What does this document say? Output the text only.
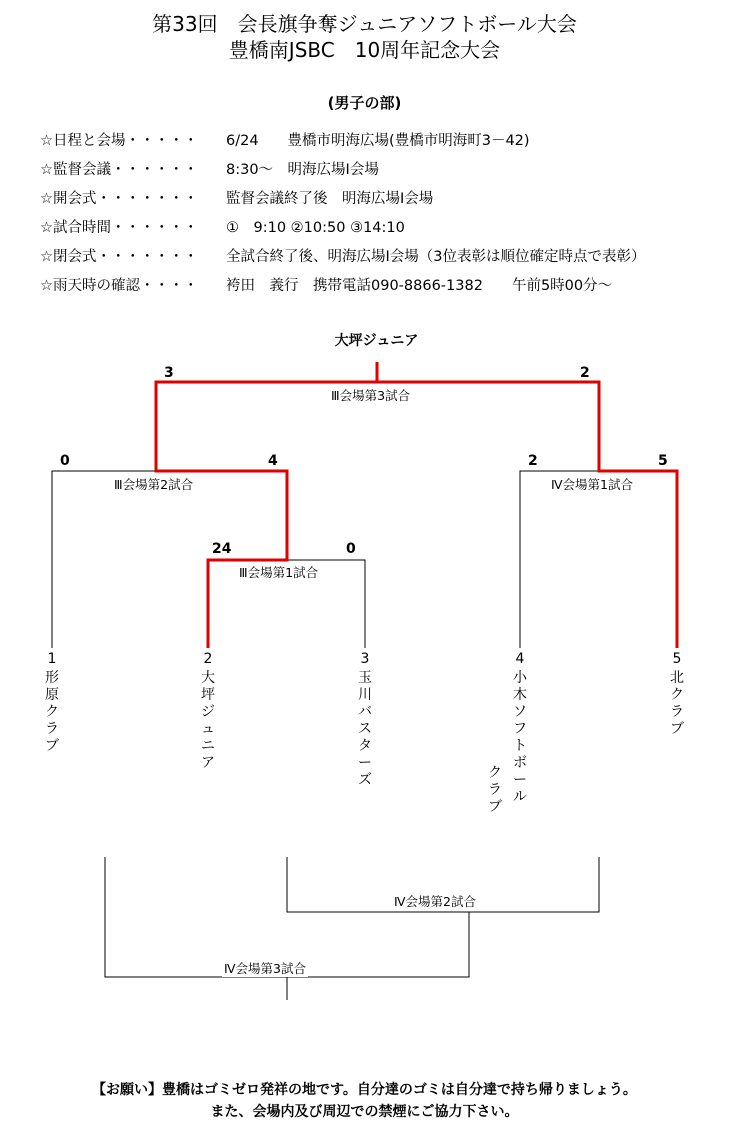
第33回　会長旗争奪ジュニアソフトボール大会
豊橋南JSBC　10周年記念大会
(男子の部)
☆日程と会場・・・・・ 6/24　　豊橋市明海広場(豊橋市明海町3－42)
☆監督会議・・・・・・ 8:30～　明海広場Ⅰ会場
☆開会式・・・・・・・ 監督会議終了後　明海広場Ⅰ会場
☆試合時間・・・・・・ ①　9:10 ②10:50 ③14:10
☆閉会式・・・・・・・ 全試合終了後、明海広場Ⅰ会場（3位表彰は順位確定時点で表彰）
☆雨天時の確認・・・・ 袴田　義行　携帯電話090-8866-1382　　午前5時00分～
大坪ジュニア
24	0
0	4
3	2
2	5
Ⅲ会場第1試合
Ⅲ会場第2試合
Ⅲ会場第3試合
Ⅳ会場第1試合
Ⅳ会場第2試合
Ⅳ会場第3試合
1	2	3	4	5
形原クラブ
大坪ジュニア
玉川バスターズ
小木ソフトボール
クラブ
北クラブ
【お願い】豊橋はゴミゼロ発祥の地です。自分達のゴミは自分達で持ち帰りましょう。
また、会場内及び周辺での禁煙にご協力下さい。
